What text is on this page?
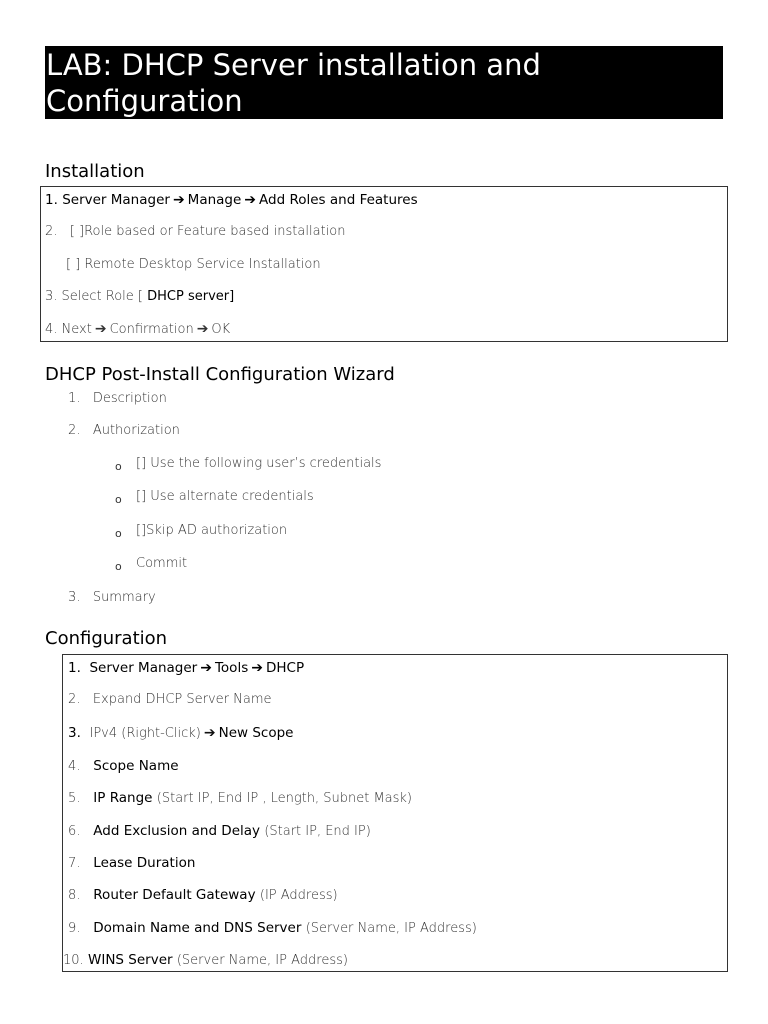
LAB: DHCP Server installation and
Configuration
Installation
1. Server Manager ➔ Manage ➔ Add Roles and Features
2. [ ]Role based or Feature based installation
[ ] Remote Desktop Service Installation
3. Select Role [ DHCP server]
4. Next ➔ Confirmation ➔ OK
DHCP Post-Install Configuration Wizard
1. Description
2. Authorization
o [] Use the following user’s credentials
o [] Use alternate credentials
o []Skip AD authorization
o Commit
3. Summary
Configuration
1. Server Manager ➔ Tools ➔ DHCP
2. Expand DHCP Server Name
3. IPv4 (Right-Click) ➔ New Scope
4. Scope Name
5. IP Range (Start IP, End IP , Length, Subnet Mask)
6. Add Exclusion and Delay (Start IP, End IP)
7. Lease Duration
8. Router Default Gateway (IP Address)
9. Domain Name and DNS Server (Server Name, IP Address)
10. WINS Server (Server Name, IP Address)
